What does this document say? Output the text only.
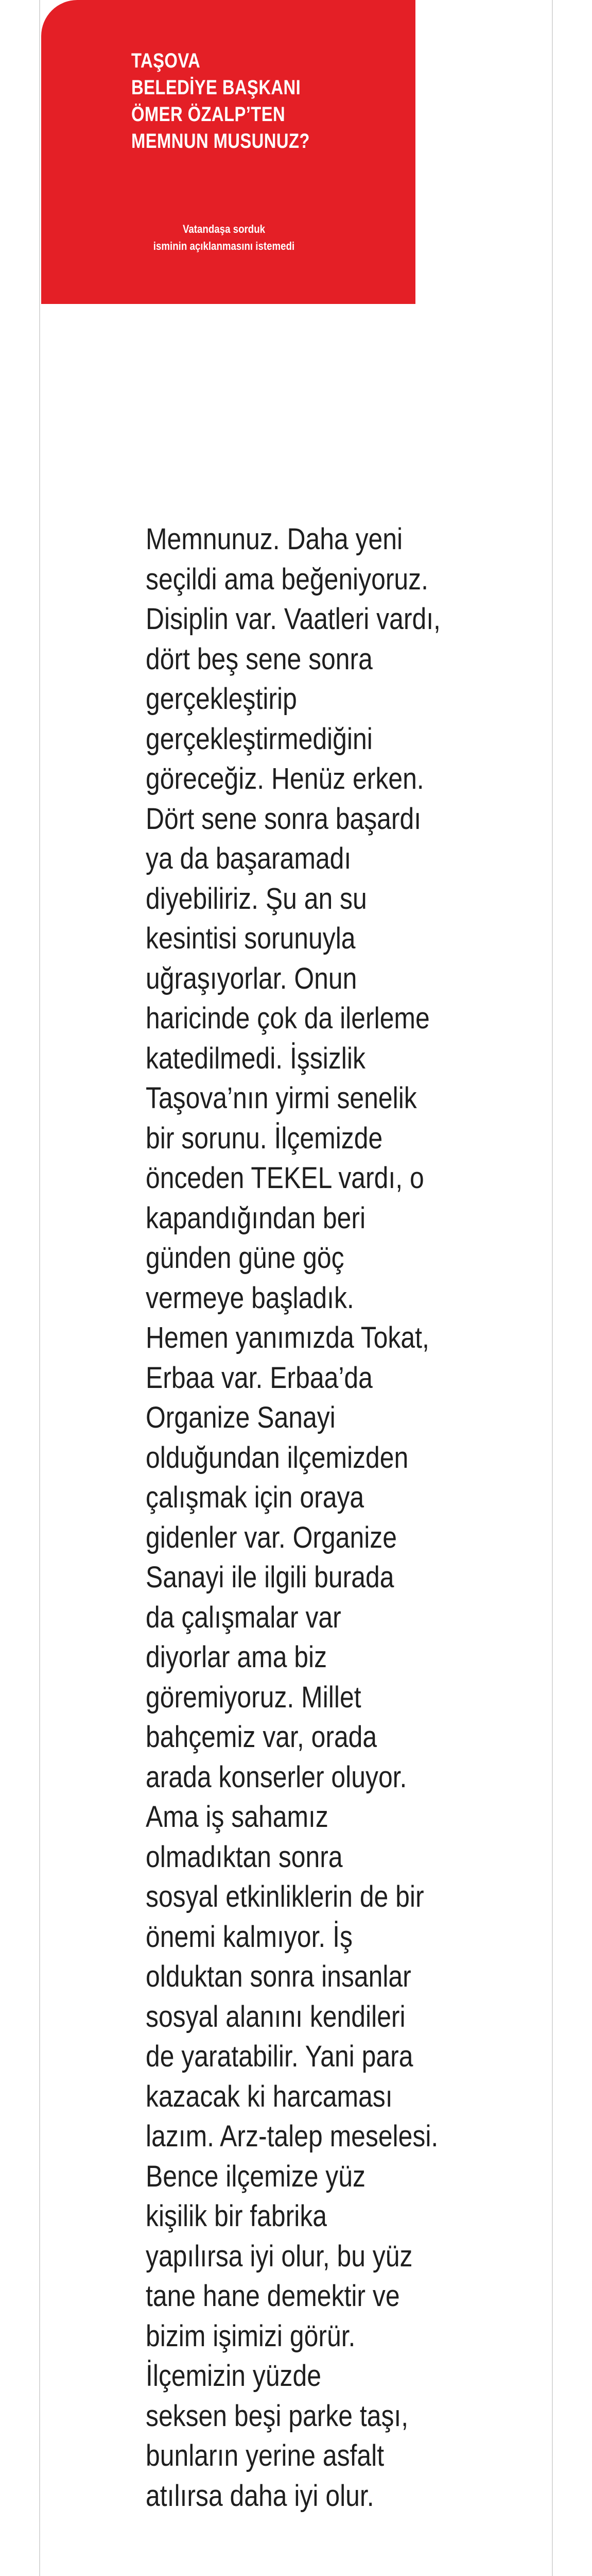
TAŞOVA
BELEDİYE BAŞKANI
ÖMER ÖZALP’TEN
MEMNUN MUSUNUZ?
Vatandaşa sorduk
isminin açıklanmasını istemedi
Memnunuz. Daha yeni
seçildi ama beğeniyoruz.
Disiplin var. Vaatleri vardı,
dört beş sene sonra
gerçekleştirip
gerçekleştirmediğini
göreceğiz. Henüz erken.
Dört sene sonra başardı
ya da başaramadı
diyebiliriz. Şu an su
kesintisi sorunuyla
uğraşıyorlar. Onun
haricinde çok da ilerleme
katedilmedi. İşsizlik
Taşova’nın yirmi senelik
bir sorunu. İlçemizde
önceden TEKEL vardı, o
kapandığından beri
günden güne göç
vermeye başladık.
Hemen yanımızda Tokat,
Erbaa var. Erbaa’da
Organize Sanayi
olduğundan ilçemizden
çalışmak için oraya
gidenler var. Organize
Sanayi ile ilgili burada
da çalışmalar var
diyorlar ama biz
göremiyoruz. Millet
bahçemiz var, orada
arada konserler oluyor.
Ama iş sahamız
olmadıktan sonra
sosyal etkinliklerin de bir
önemi kalmıyor. İş
olduktan sonra insanlar
sosyal alanını kendileri
de yaratabilir. Yani para
kazacak ki harcaması
lazım. Arz-talep meselesi.
Bence ilçemize yüz
kişilik bir fabrika
yapılırsa iyi olur, bu yüz
tane hane demektir ve
bizim işimizi görür.
İlçemizin yüzde
seksen beşi parke taşı,
bunların yerine asfalt
atılırsa daha iyi olur.
